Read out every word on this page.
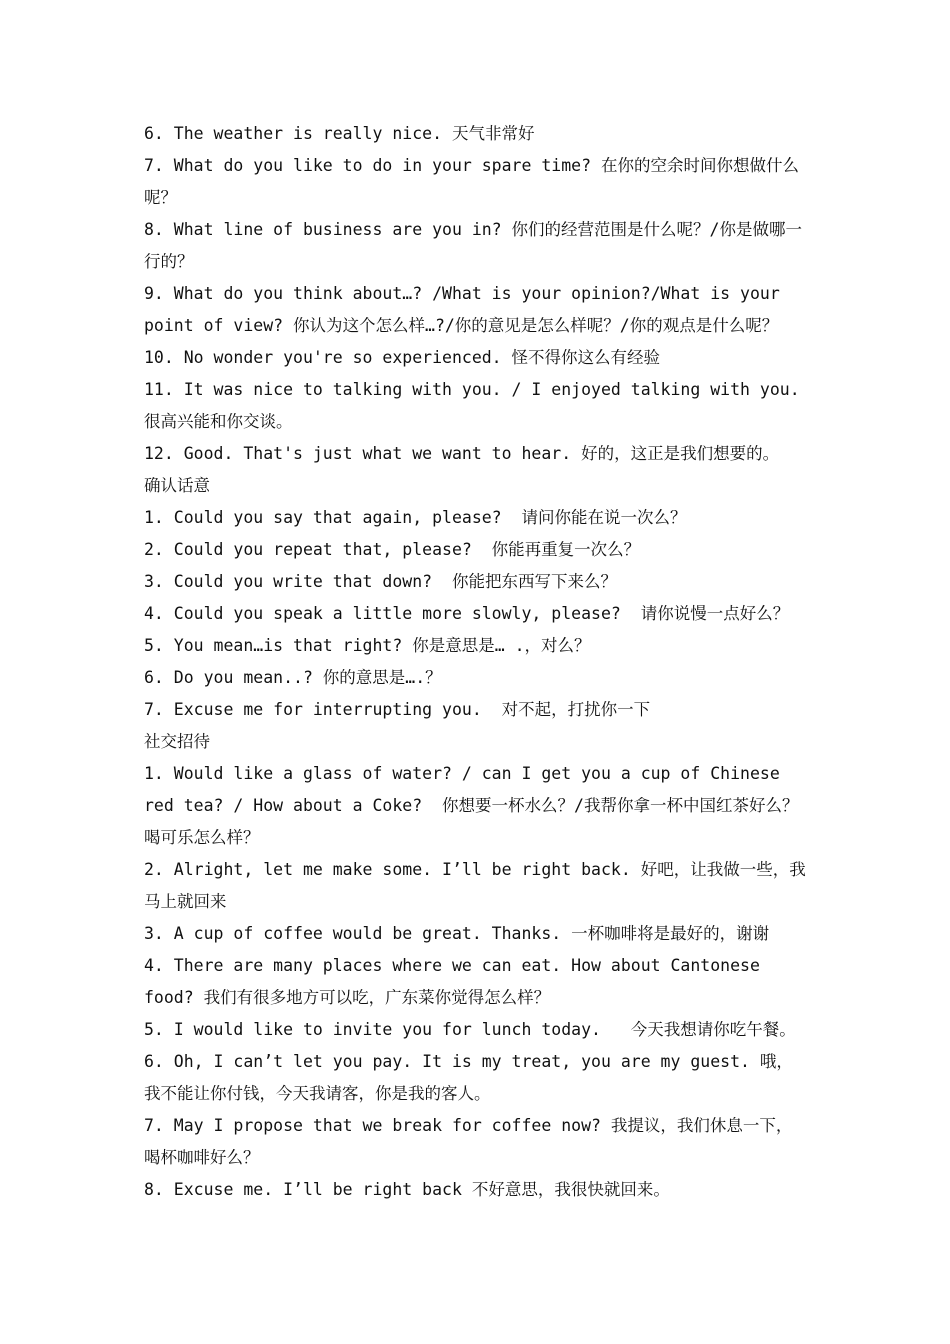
6. The weather is really nice. 天气非常好

7. What do you like to do in your spare time? 在你的空余时间你想做什么呢？

8. What line of business are you in? 你们的经营范围是什么呢？/你是做哪一行的？

9. What do you think about…? /What is your opinion?/What is your point of view? 你认为这个怎么样…?/你的意见是怎么样呢？/你的观点是什么呢？

10. No wonder you're so experienced. 怪不得你这么有经验

11. It was nice to talking with you. / I enjoyed talking with you. 很高兴能和你交谈。

12. Good. That's just what we want to hear. 好的，这正是我们想要的。

确认话意

1. Could you say that again, please?  请问你能在说一次么？

2. Could you repeat that, please?  你能再重复一次么？

3. Could you write that down?  你能把东西写下来么？

4. Could you speak a little more slowly, please?  请你说慢一点好么？

5. You mean…is that right? 你是意思是… .，对么？

6. Do you mean..? 你的意思是….？

7. Excuse me for interrupting you.  对不起，打扰你一下

社交招待

1. Would like a glass of water? / can I get you a cup of Chinese red tea? / How about a Coke?  你想要一杯水么？/我帮你拿一杯中国红茶好么？喝可乐怎么样？

2. Alright, let me make some. I’ll be right back. 好吧，让我做一些，我马上就回来

3. A cup of coffee would be great. Thanks. 一杯咖啡将是最好的，谢谢

4. There are many places where we can eat. How about Cantonese food? 我们有很多地方可以吃，广东菜你觉得怎么样？

5. I would like to invite you for lunch today.   今天我想请你吃午餐。

6. Oh, I can’t let you pay. It is my treat, you are my guest. 哦，我不能让你付钱，今天我请客，你是我的客人。

7. May I propose that we break for coffee now? 我提议，我们休息一下，喝杯咖啡好么？

8. Excuse me. I’ll be right back 不好意思，我很快就回来。
